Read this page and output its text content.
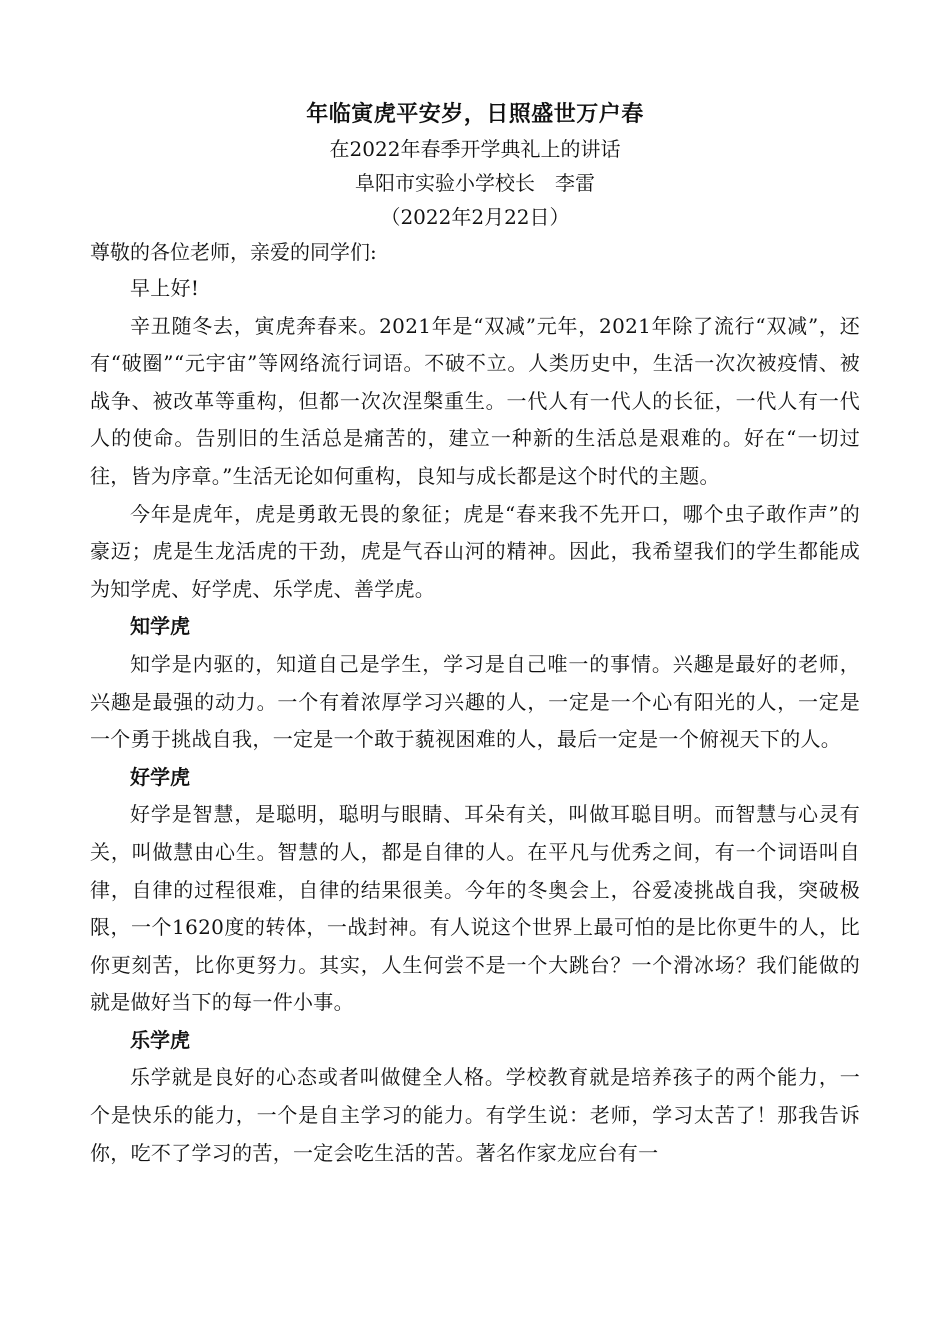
年临寅虎平安岁，日照盛世万户春

在2022年春季开学典礼上的讲话

阜阳市实验小学校长　李雷

（2022年2月22日）

尊敬的各位老师，亲爱的同学们:

早上好!

辛丑随冬去，寅虎奔春来。2021年是“双减”元年，2021年除了流行“双减”，还有“破圈”“元宇宙”等网络流行词语。不破不立。人类历史中，生活一次次被疫情、被战争、被改革等重构，但都一次次涅槃重生。一代人有一代人的长征，一代人有一代人的使命。告别旧的生活总是痛苦的，建立一种新的生活总是艰难的。好在“一切过往，皆为序章。”生活无论如何重构，良知与成长都是这个时代的主题。

今年是虎年，虎是勇敢无畏的象征；虎是“春来我不先开口，哪个虫子敢作声”的豪迈；虎是生龙活虎的干劲，虎是气吞山河的精神。因此，我希望我们的学生都能成为知学虎、好学虎、乐学虎、善学虎。

知学虎

知学是内驱的，知道自己是学生，学习是自己唯一的事情。兴趣是最好的老师，兴趣是最强的动力。一个有着浓厚学习兴趣的人，一定是一个心有阳光的人，一定是一个勇于挑战自我，一定是一个敢于藐视困难的人，最后一定是一个俯视天下的人。

好学虎

好学是智慧，是聪明，聪明与眼睛、耳朵有关，叫做耳聪目明。而智慧与心灵有关，叫做慧由心生。智慧的人，都是自律的人。在平凡与优秀之间，有一个词语叫自律，自律的过程很难，自律的结果很美。今年的冬奥会上，谷爱凌挑战自我，突破极限，一个1620度的转体，一战封神。有人说这个世界上最可怕的是比你更牛的人，比你更刻苦，比你更努力。其实，人生何尝不是一个大跳台？一个滑冰场？我们能做的就是做好当下的每一件小事。

乐学虎

乐学就是良好的心态或者叫做健全人格。学校教育就是培养孩子的两个能力，一个是快乐的能力，一个是自主学习的能力。有学生说：老师，学习太苦了！那我告诉你，吃不了学习的苦，一定会吃生活的苦。著名作家龙应台有一
